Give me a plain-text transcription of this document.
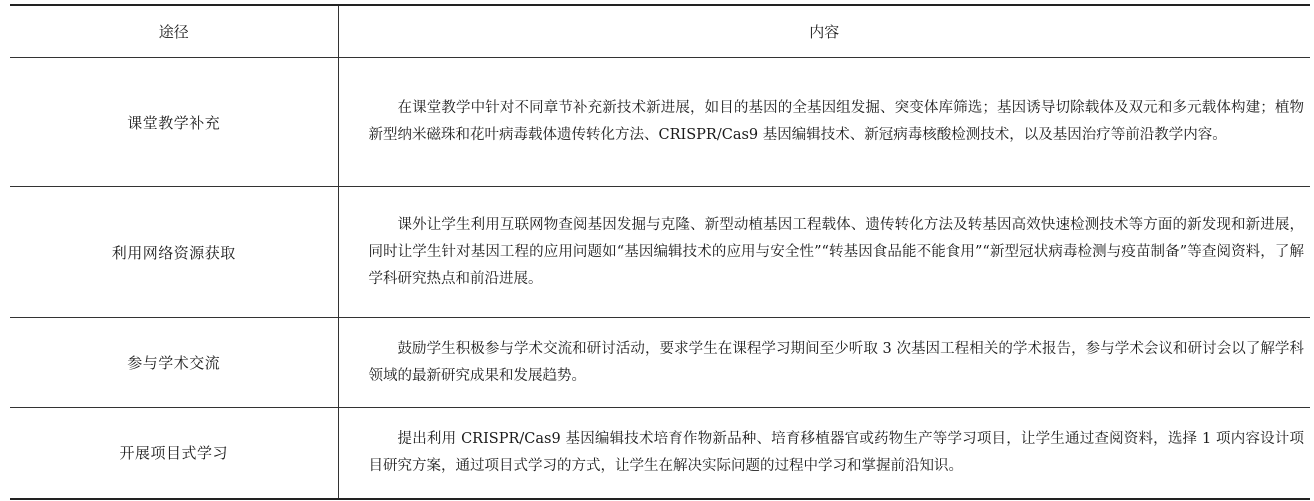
途径	内容
课堂教学补充	在课堂教学中针对不同章节补充新技术新进展，如目的基因的全基因组发掘、突变体库筛选；基因诱导切除载体及双元和多元载体构建；植物新型纳米磁珠和花叶病毒载体遗传转化方法、CRISPR/Cas9 基因编辑技术、新冠病毒核酸检测技术，以及基因治疗等前沿教学内容。
利用网络资源获取	课外让学生利用互联网物查阅基因发掘与克隆、新型动植基因工程载体、遗传转化方法及转基因高效快速检测技术等方面的新发现和新进展，同时让学生针对基因工程的应用问题如“基因编辑技术的应用与安全性”“转基因食品能不能食用”“新型冠状病毒检测与疫苗制备”等查阅资料，了解学科研究热点和前沿进展。
参与学术交流	鼓励学生积极参与学术交流和研讨活动，要求学生在课程学习期间至少听取 3 次基因工程相关的学术报告，参与学术会议和研讨会以了解学科领域的最新研究成果和发展趋势。
开展项目式学习	提出利用 CRISPR/Cas9 基因编辑技术培育作物新品种、培育移植器官或药物生产等学习项目，让学生通过查阅资料，选择 1 项内容设计项目研究方案，通过项目式学习的方式，让学生在解决实际问题的过程中学习和掌握前沿知识。
